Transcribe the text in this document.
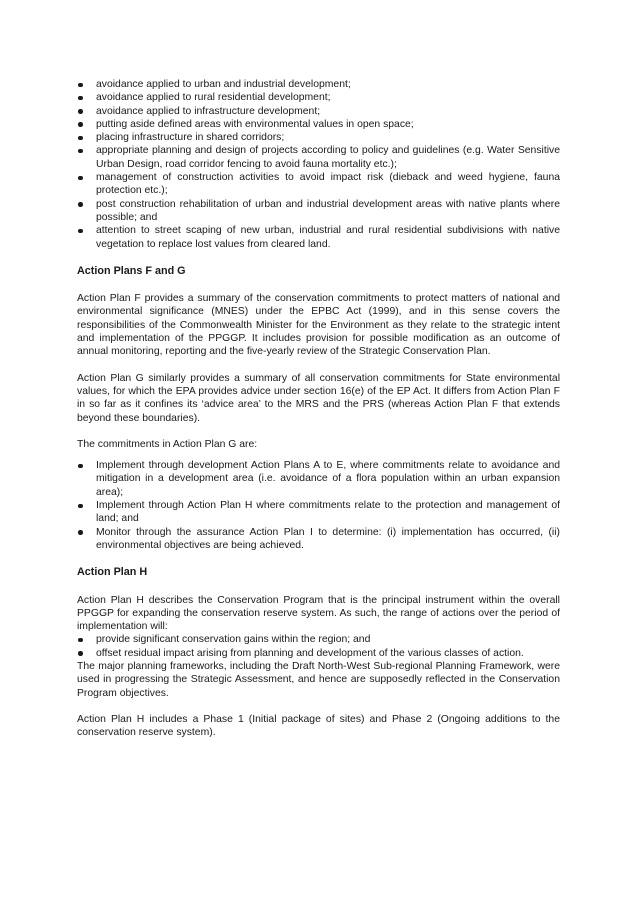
avoidance applied to urban and industrial development;
avoidance applied to rural residential development;
avoidance applied to infrastructure development;
putting aside defined areas with environmental values in open space;
placing infrastructure in shared corridors;
appropriate planning and design of projects according to policy and guidelines (e.g. Water Sensitive Urban Design, road corridor fencing to avoid fauna mortality etc.);
management of construction activities to avoid impact risk (dieback and weed hygiene, fauna protection etc.);
post construction rehabilitation of urban and industrial development areas with native plants where possible; and
attention to street scaping of new urban, industrial and rural residential subdivisions with native vegetation to replace lost values from cleared land.
Action Plans F and G

Action Plan F provides a summary of the conservation commitments to protect matters of national and environmental significance (MNES) under the EPBC Act (1999), and in this sense covers the responsibilities of the Commonwealth Minister for the Environment as they relate to the strategic intent and implementation of the PPGGP. It includes provision for possible modification as an outcome of annual monitoring, reporting and the five-yearly review of the Strategic Conservation Plan.

Action Plan G similarly provides a summary of all conservation commitments for State environmental values, for which the EPA provides advice under section 16(e) of the EP Act. It differs from Action Plan F in so far as it confines its ‘advice area’ to the MRS and the PRS (whereas Action Plan F that extends beyond these boundaries).

The commitments in Action Plan G are:

Implement through development Action Plans A to E, where commitments relate to avoidance and mitigation in a development area (i.e. avoidance of a flora population within an urban expansion area);
Implement through Action Plan H where commitments relate to the protection and management of land; and
Monitor through the assurance Action Plan I to determine: (i) implementation has occurred, (ii) environmental objectives are being achieved.
Action Plan H

Action Plan H describes the Conservation Program that is the principal instrument within the overall PPGGP for expanding the conservation reserve system. As such, the range of actions over the period of implementation will:

provide significant conservation gains within the region; and
offset residual impact arising from planning and development of the various classes of action.

The major planning frameworks, including the Draft North-West Sub-regional Planning Framework, were used in progressing the Strategic Assessment, and hence are supposedly reflected in the Conservation Program objectives.

Action Plan H includes a Phase 1 (Initial package of sites) and Phase 2 (Ongoing additions to the conservation reserve system).
